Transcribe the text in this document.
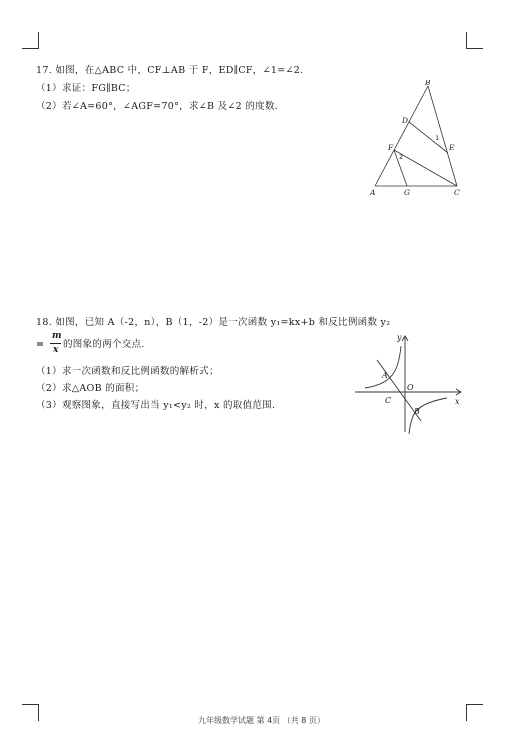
17. 如图，在△ABC 中，CF⊥AB 于 F，ED∥CF，∠1=∠2.
（1）求证：FG∥BC；
（2）若∠A=60°，∠AGF=70°，求∠B 及∠2 的度数.
B
D
E
F
A	G	C
1
2
18. 如图，已知 A（-2，n），B（1，-2）是一次函数 y₁=kx+b 和反比例函数 y₂
=
m
x 的图象的两个交点.
（1）求一次函数和反比例函数的解析式；
（2）求△AOB 的面积；
（3）观察图象，直接写出当 y₁<y₂ 时，x 的取值范围.
y
x
A
B
C
O
九年级数学试题 第 4页 （共 8 页）
